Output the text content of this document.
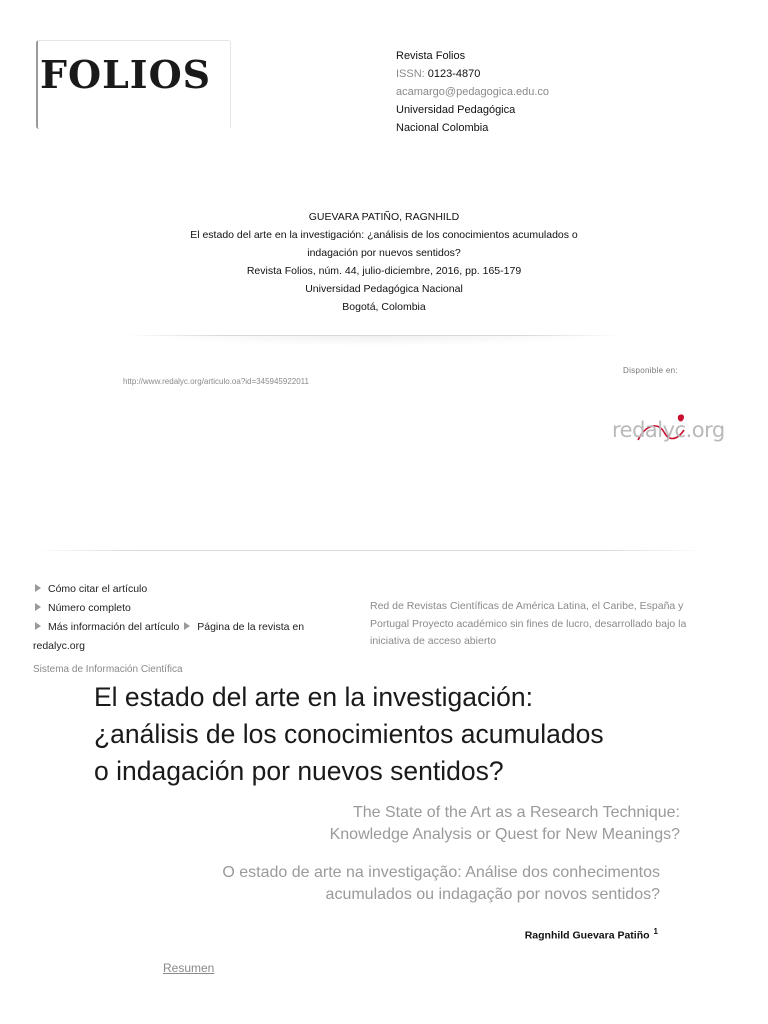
FOLIOS	Revista Folios
ISSN: 0123-4870
acamargo@pedagogica.edu.co
Universidad Pedagógica
Nacional Colombia
GUEVARA PATIÑO, RAGNHILD
El estado del arte en la investigación: ¿análisis de los conocimientos acumulados o
indagación por nuevos sentidos?
Revista Folios, núm. 44, julio-diciembre, 2016, pp. 165-179
Universidad Pedagógica Nacional
Bogotá, Colombia
http://www.redalyc.org/articulo.oa?id=345945922011
Disponible en:
redalyc.org
Cómo citar el artículo
Número completo
Más información del artículo Página de la revista en
redalyc.org
Red de Revistas Científicas de América Latina, el Caribe, España y Portugal Proyecto académico sin fines de lucro, desarrollado bajo la iniciativa de acceso abierto
Sistema de Información Científica
El estado del arte en la investigación:
¿análisis de los conocimientos acumulados
o indagación por nuevos sentidos?
The State of the Art as a Research Technique:
Knowledge Analysis or Quest for New Meanings?
O estado de arte na investigação: Análise dos conhecimentos
acumulados ou indagação por novos sentidos?
Ragnhild Guevara Patiño $^1$
Resumen
